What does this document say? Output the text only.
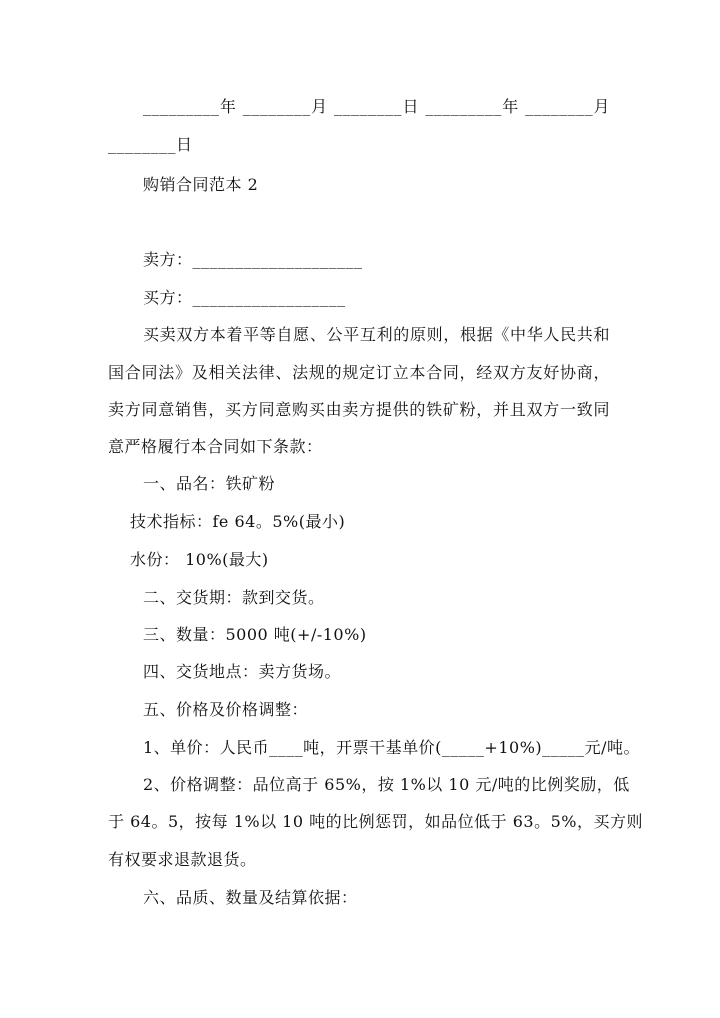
_________年 ________月 ________日 _________年 ________月
________日
购销合同范本 2
卖方：____________________
买方：__________________
买卖双方本着平等自愿、公平互利的原则，根据《中华人民共和
国合同法》及相关法律、法规的规定订立本合同，经双方友好协商，
卖方同意销售，买方同意购买由卖方提供的铁矿粉，并且双方一致同
意严格履行本合同如下条款：
一、品名：铁矿粉
技术指标：fe 64。5%(最小)
水份： 10%(最大)
二、交货期：款到交货。
三、数量：5000 吨(+/-10%)
四、交货地点：卖方货场。
五、价格及价格调整：
1、单价：人民币____吨，开票干基单价(_____+10%)_____元/吨。
2、价格调整：品位高于 65%，按 1%以 10 元/吨的比例奖励，低
于 64。5，按每 1%以 10 吨的比例惩罚，如品位低于 63。5%，买方则
有权要求退款退货。
六、品质、数量及结算依据：
